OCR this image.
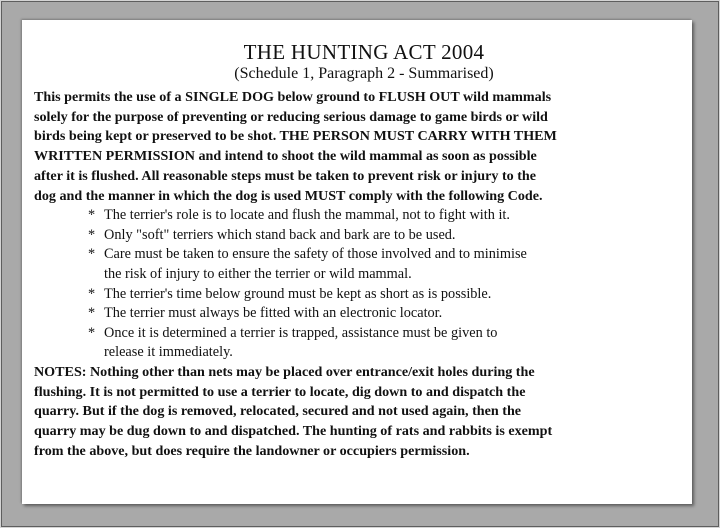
THE HUNTING ACT 2004
(Schedule 1, Paragraph 2 - Summarised)
This permits the use of a SINGLE DOG below ground to FLUSH OUT wild mammals
solely for the purpose of preventing or reducing serious damage to game birds or wild
birds being kept or preserved to be shot. THE PERSON MUST CARRY WITH THEM
WRITTEN PERMISSION and intend to shoot the wild mammal as soon as possible
after it is flushed. All reasonable steps must be taken to prevent risk or injury to the
dog and the manner in which the dog is used MUST comply with the following Code.
* The terrier's role is to locate and flush the mammal, not to fight with it.
* Only "soft" terriers which stand back and bark are to be used.
* Care must be taken to ensure the safety of those involved and to minimise
the risk of injury to either the terrier or wild mammal.
* The terrier's time below ground must be kept as short as is possible.
* The terrier must always be fitted with an electronic locator.
* Once it is determined a terrier is trapped, assistance must be given to
release it immediately.
NOTES: Nothing other than nets may be placed over entrance/exit holes during the
flushing. It is not permitted to use a terrier to locate, dig down to and dispatch the
quarry. But if the dog is removed, relocated, secured and not used again, then the
quarry may be dug down to and dispatched. The hunting of rats and rabbits is exempt
from the above, but does require the landowner or occupiers permission.
